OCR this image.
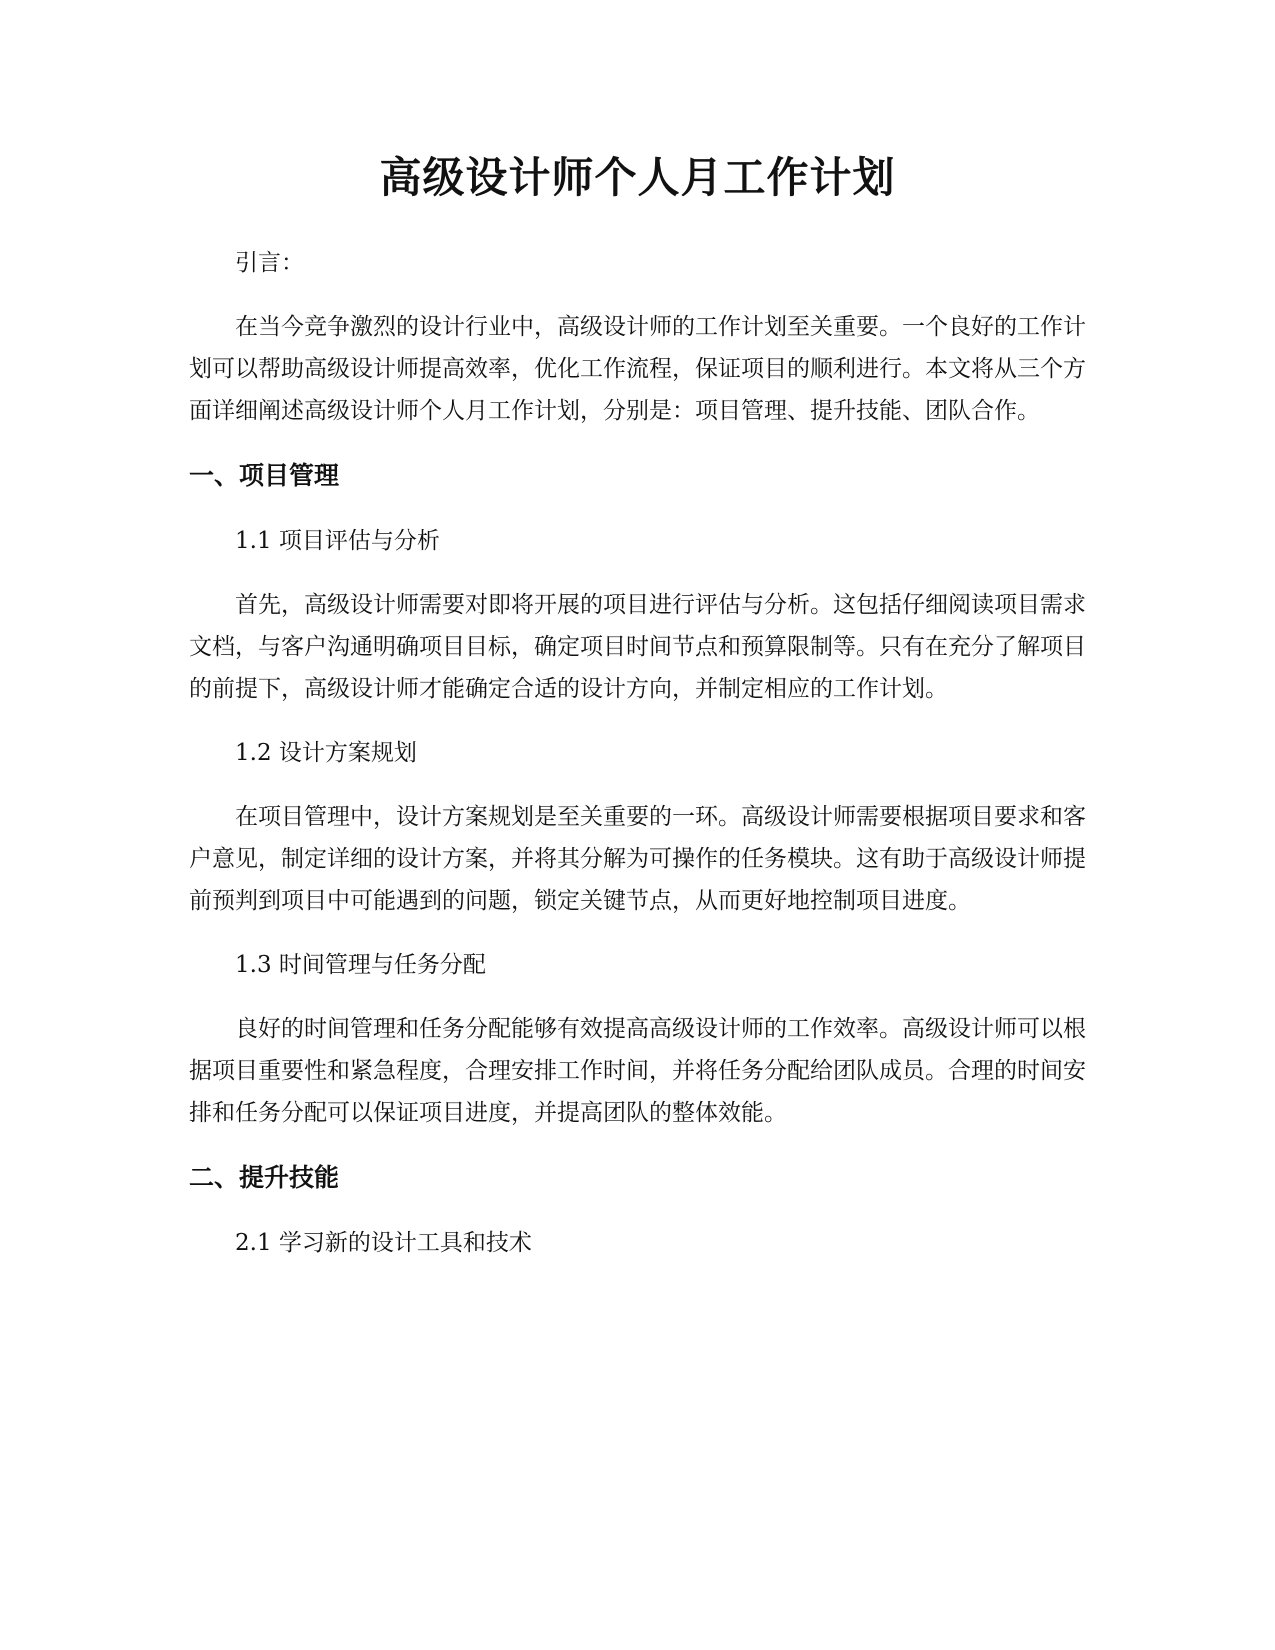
高级设计师个人月工作计划

引言：

在当今竞争激烈的设计行业中，高级设计师的工作计划至关重要。一个良好的工作计划可以帮助高级设计师提高效率，优化工作流程，保证项目的顺利进行。本文将从三个方面详细阐述高级设计师个人月工作计划，分别是：项目管理、提升技能、团队合作。

一、项目管理

1.1 项目评估与分析

首先，高级设计师需要对即将开展的项目进行评估与分析。这包括仔细阅读项目需求文档，与客户沟通明确项目目标，确定项目时间节点和预算限制等。只有在充分了解项目的前提下，高级设计师才能确定合适的设计方向，并制定相应的工作计划。

1.2 设计方案规划

在项目管理中，设计方案规划是至关重要的一环。高级设计师需要根据项目要求和客户意见，制定详细的设计方案，并将其分解为可操作的任务模块。这有助于高级设计师提前预判到项目中可能遇到的问题，锁定关键节点，从而更好地控制项目进度。

1.3 时间管理与任务分配

良好的时间管理和任务分配能够有效提高高级设计师的工作效率。高级设计师可以根据项目重要性和紧急程度，合理安排工作时间，并将任务分配给团队成员。合理的时间安排和任务分配可以保证项目进度，并提高团队的整体效能。

二、提升技能

2.1 学习新的设计工具和技术
